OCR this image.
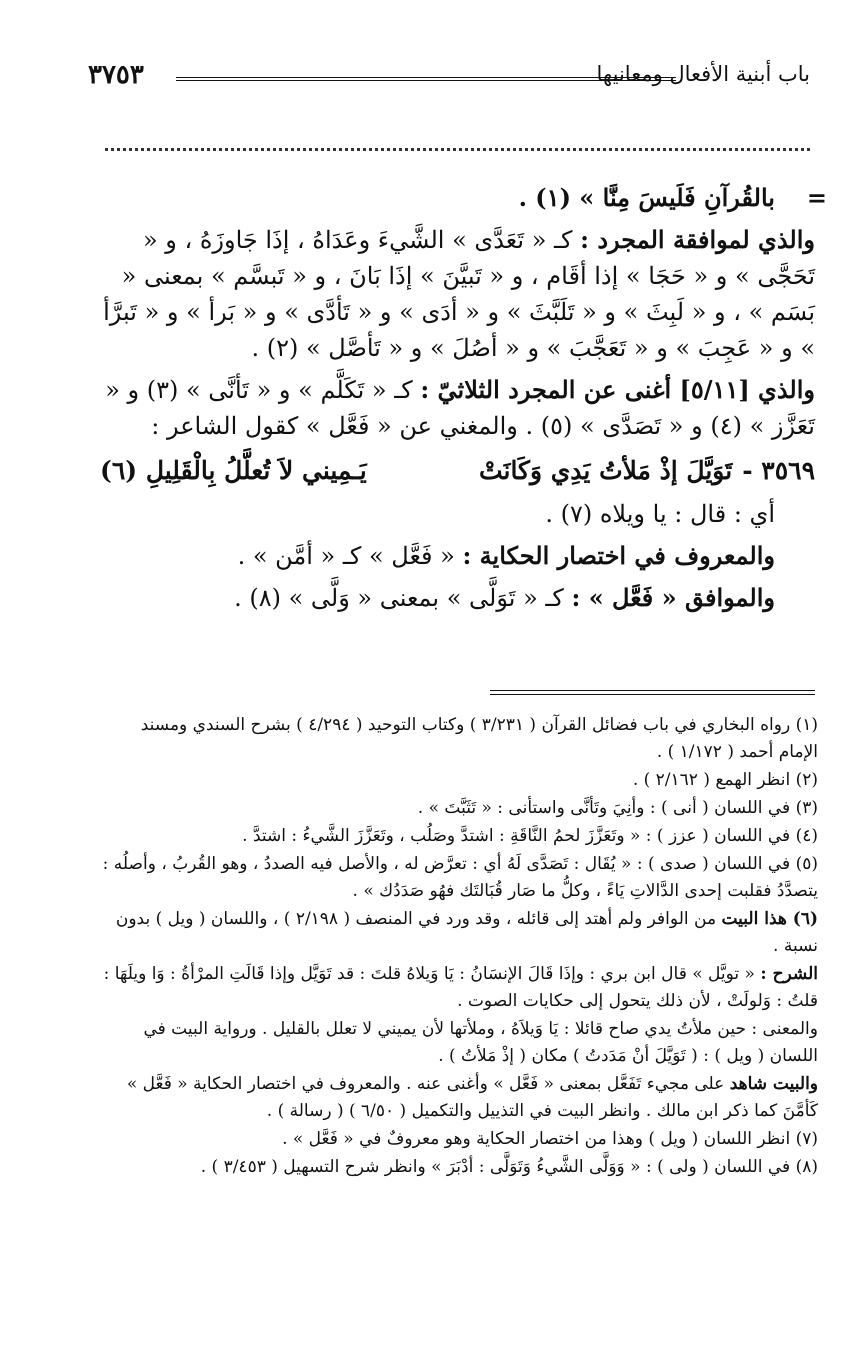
٣٧٥٣	باب أبنية الأفعال ومعانيها
=
بالقُرآنِ فَلَيسَ مِنَّا » (١) .
والذي لموافقة المجرد : كـ « تَعَدَّى » الشَّيءَ وعَدَاهُ ، إذَا جَاوزَهُ ، و « تَحَجَّى » و « حَجَا » إذا أقَام ، و « تَبيَّنَ » إذَا بَانَ ، و « تَبسَّم » بمعنى « بَسَم » ، و « لَبِثَ » و « تَلَبَّثَ » و « أدَى » و « تَأدَّى » و « بَرأ » و « تَبرَّأ » و « عَجِبَ » و « تَعَجَّبَ » و « أصُلَ » و « تَأصَّل » (٢) .
والذي [٥/١١] أغنى عن المجرد الثلاثيّ : كـ « تَكَلَّم » و « تَأنَّى » (٣) و « تَعَزَّز » (٤) و « تَصَدَّى » (٥) . والمغني عن « فَعَّل » كقول الشاعر :
٣٥٦٩ -تَوَيَّلَ إذْ مَلأتُ يَدِي وَكَانَتْ
يَـمِيني لاَ تُعلَّلُ بِالْقَلِيلِ (٦)
أي : قال : يا ويلاه (٧) .
والمعروف في اختصار الحكاية : « فَعَّل » كـ « أمَّن » .
والموافق « فَعَّل » : كـ « تَوَلَّى » بمعنى « وَلَّى » (٨) .
(١) رواه البخاري في باب فضائل القرآن ( ٣/٢٣١ ) وكتاب التوحيد ( ٤/٢٩٤ ) بشرح السندي ومسند الإمام أحمد ( ١/١٧٢ ) .
(٢) انظر الهمع ( ٢/١٦٢ ) .
(٣) في اللسان ( أنى ) : وأنِيَ وتَأنَّى واستأنى : « تَثَبَّتَ » .
(٤) في اللسان ( عزز ) : « وتَعَزَّزَ لحمُ النَّاقَةِ : اشتدَّ وصَلُب ، وتَعَزَّزَ الشَّيءُ : اشتدَّ .
(٥) في اللسان ( صدى ) : « يُقَال : تَصَدَّى لَهُ أي : تعرَّض له ، والأصل فيه الصددُ ، وهو القُربُ ، وأصلُه : يتصدَّدُ فقلبت إحدى الدَّالاتِ يَاءً ، وكلُّ ما صَار قُبَالتَك فهُو صَدَدُك » .
(٦) هذا البيت من الوافر ولم أهتد إلى قائله ، وقد ورد في المنصف ( ٢/١٩٨ ) ، واللسان ( ويل ) بدون نسبة .
الشرح : « تويَّل » قال ابن بري : وإذَا قَالَ الإنسَانُ : يَا وَيلاهُ قلتَ : قد تَوَيَّل وإذا قَالَتِ المرْأةُ : وَا ويلَهَا : قلتُ : وَلولَتْ ، لأن ذلك يتحول إلى حكايات الصوت .
والمعنى : حين ملأتُ يدي صاح قائلا : يَا وَيلاَهُ ، وملأتها لأن يميني لا تعلل بالقليل . ورواية البيت في اللسان ( ويل ) : ( تَوَيَّلَ أنْ مَدَدتُ ) مكان ( إذْ مَلأتُ ) .
والبيت شاهد على مجيء تَفَعَّل بمعنى « فَعَّل » وأغنى عنه . والمعروف في اختصار الحكاية « فَعَّل » كَأمَّنَ كما ذكر ابن مالك . وانظر البيت في التذييل والتكميل ( ٦/٥٠ ) ( رسالة ) .
(٧) انظر اللسان ( ويل ) وهذا من اختصار الحكاية وهو معروفٌ في « فَعَّل » .
(٨) في اللسان ( ولى ) : « وَوَلَّى الشَّيءُ وَتَوَلَّى : أدْبَرَ » وانظر شرح التسهيل ( ٣/٤٥٣ ) .
